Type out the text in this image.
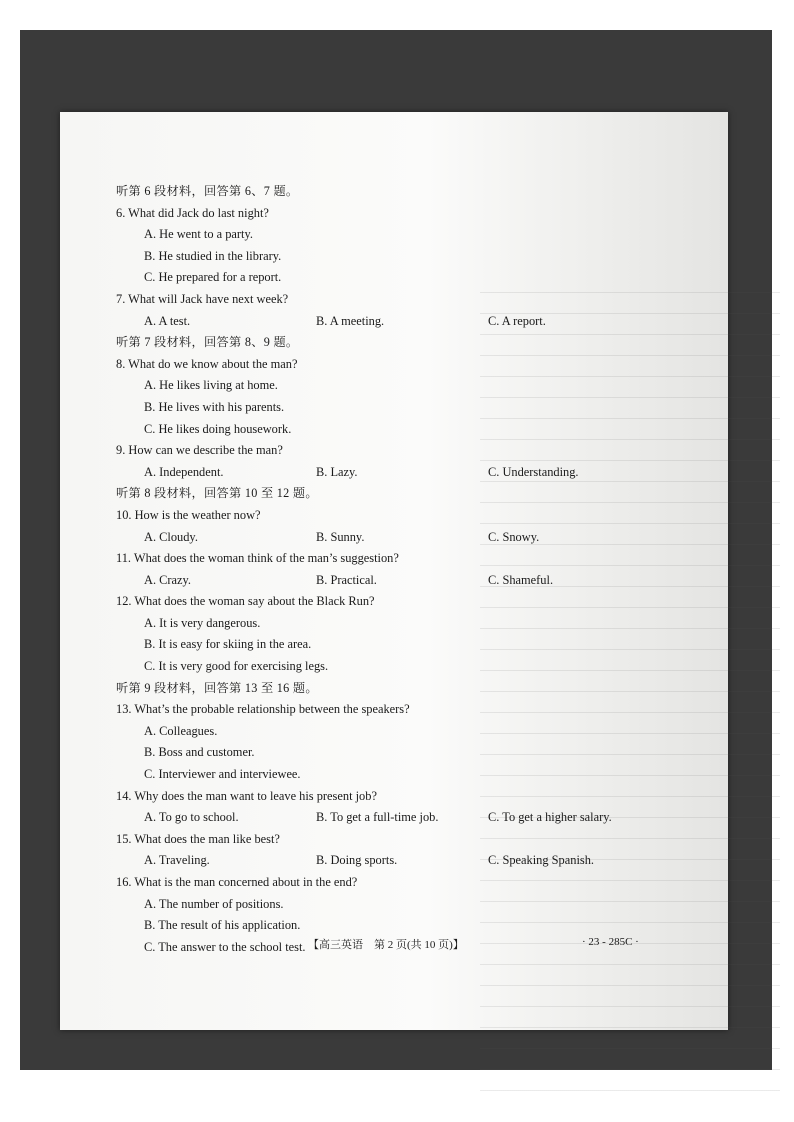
听第 6 段材料，回答第 6、7 题。
6. What did Jack do last night?
A. He went to a party.
B. He studied in the library.
C. He prepared for a report.
7. What will Jack have next week?
A. A test.	B. A meeting.	C. A report.
听第 7 段材料，回答第 8、9 题。
8. What do we know about the man?
A. He likes living at home.
B. He lives with his parents.
C. He likes doing housework.
9. How can we describe the man?
A. Independent.	B. Lazy.	C. Understanding.
听第 8 段材料，回答第 10 至 12 题。
10. How is the weather now?
A. Cloudy.	B. Sunny.	C. Snowy.
11. What does the woman think of the man’s suggestion?
A. Crazy.	B. Practical.	C. Shameful.
12. What does the woman say about the Black Run?
A. It is very dangerous.
B. It is easy for skiing in the area.
C. It is very good for exercising legs.
听第 9 段材料，回答第 13 至 16 题。
13. What’s the probable relationship between the speakers?
A. Colleagues.
B. Boss and customer.
C. Interviewer and interviewee.
14. Why does the man want to leave his present job?
A. To go to school.	B. To get a full-time job.	C. To get a higher salary.
15. What does the man like best?
A. Traveling.	B. Doing sports.	C. Speaking Spanish.
16. What is the man concerned about in the end?
A. The number of positions.
B. The result of his application.
C. The answer to the school test. 【高三英语　第 2 页(共 10 页)】	· 23 - 285C ·
